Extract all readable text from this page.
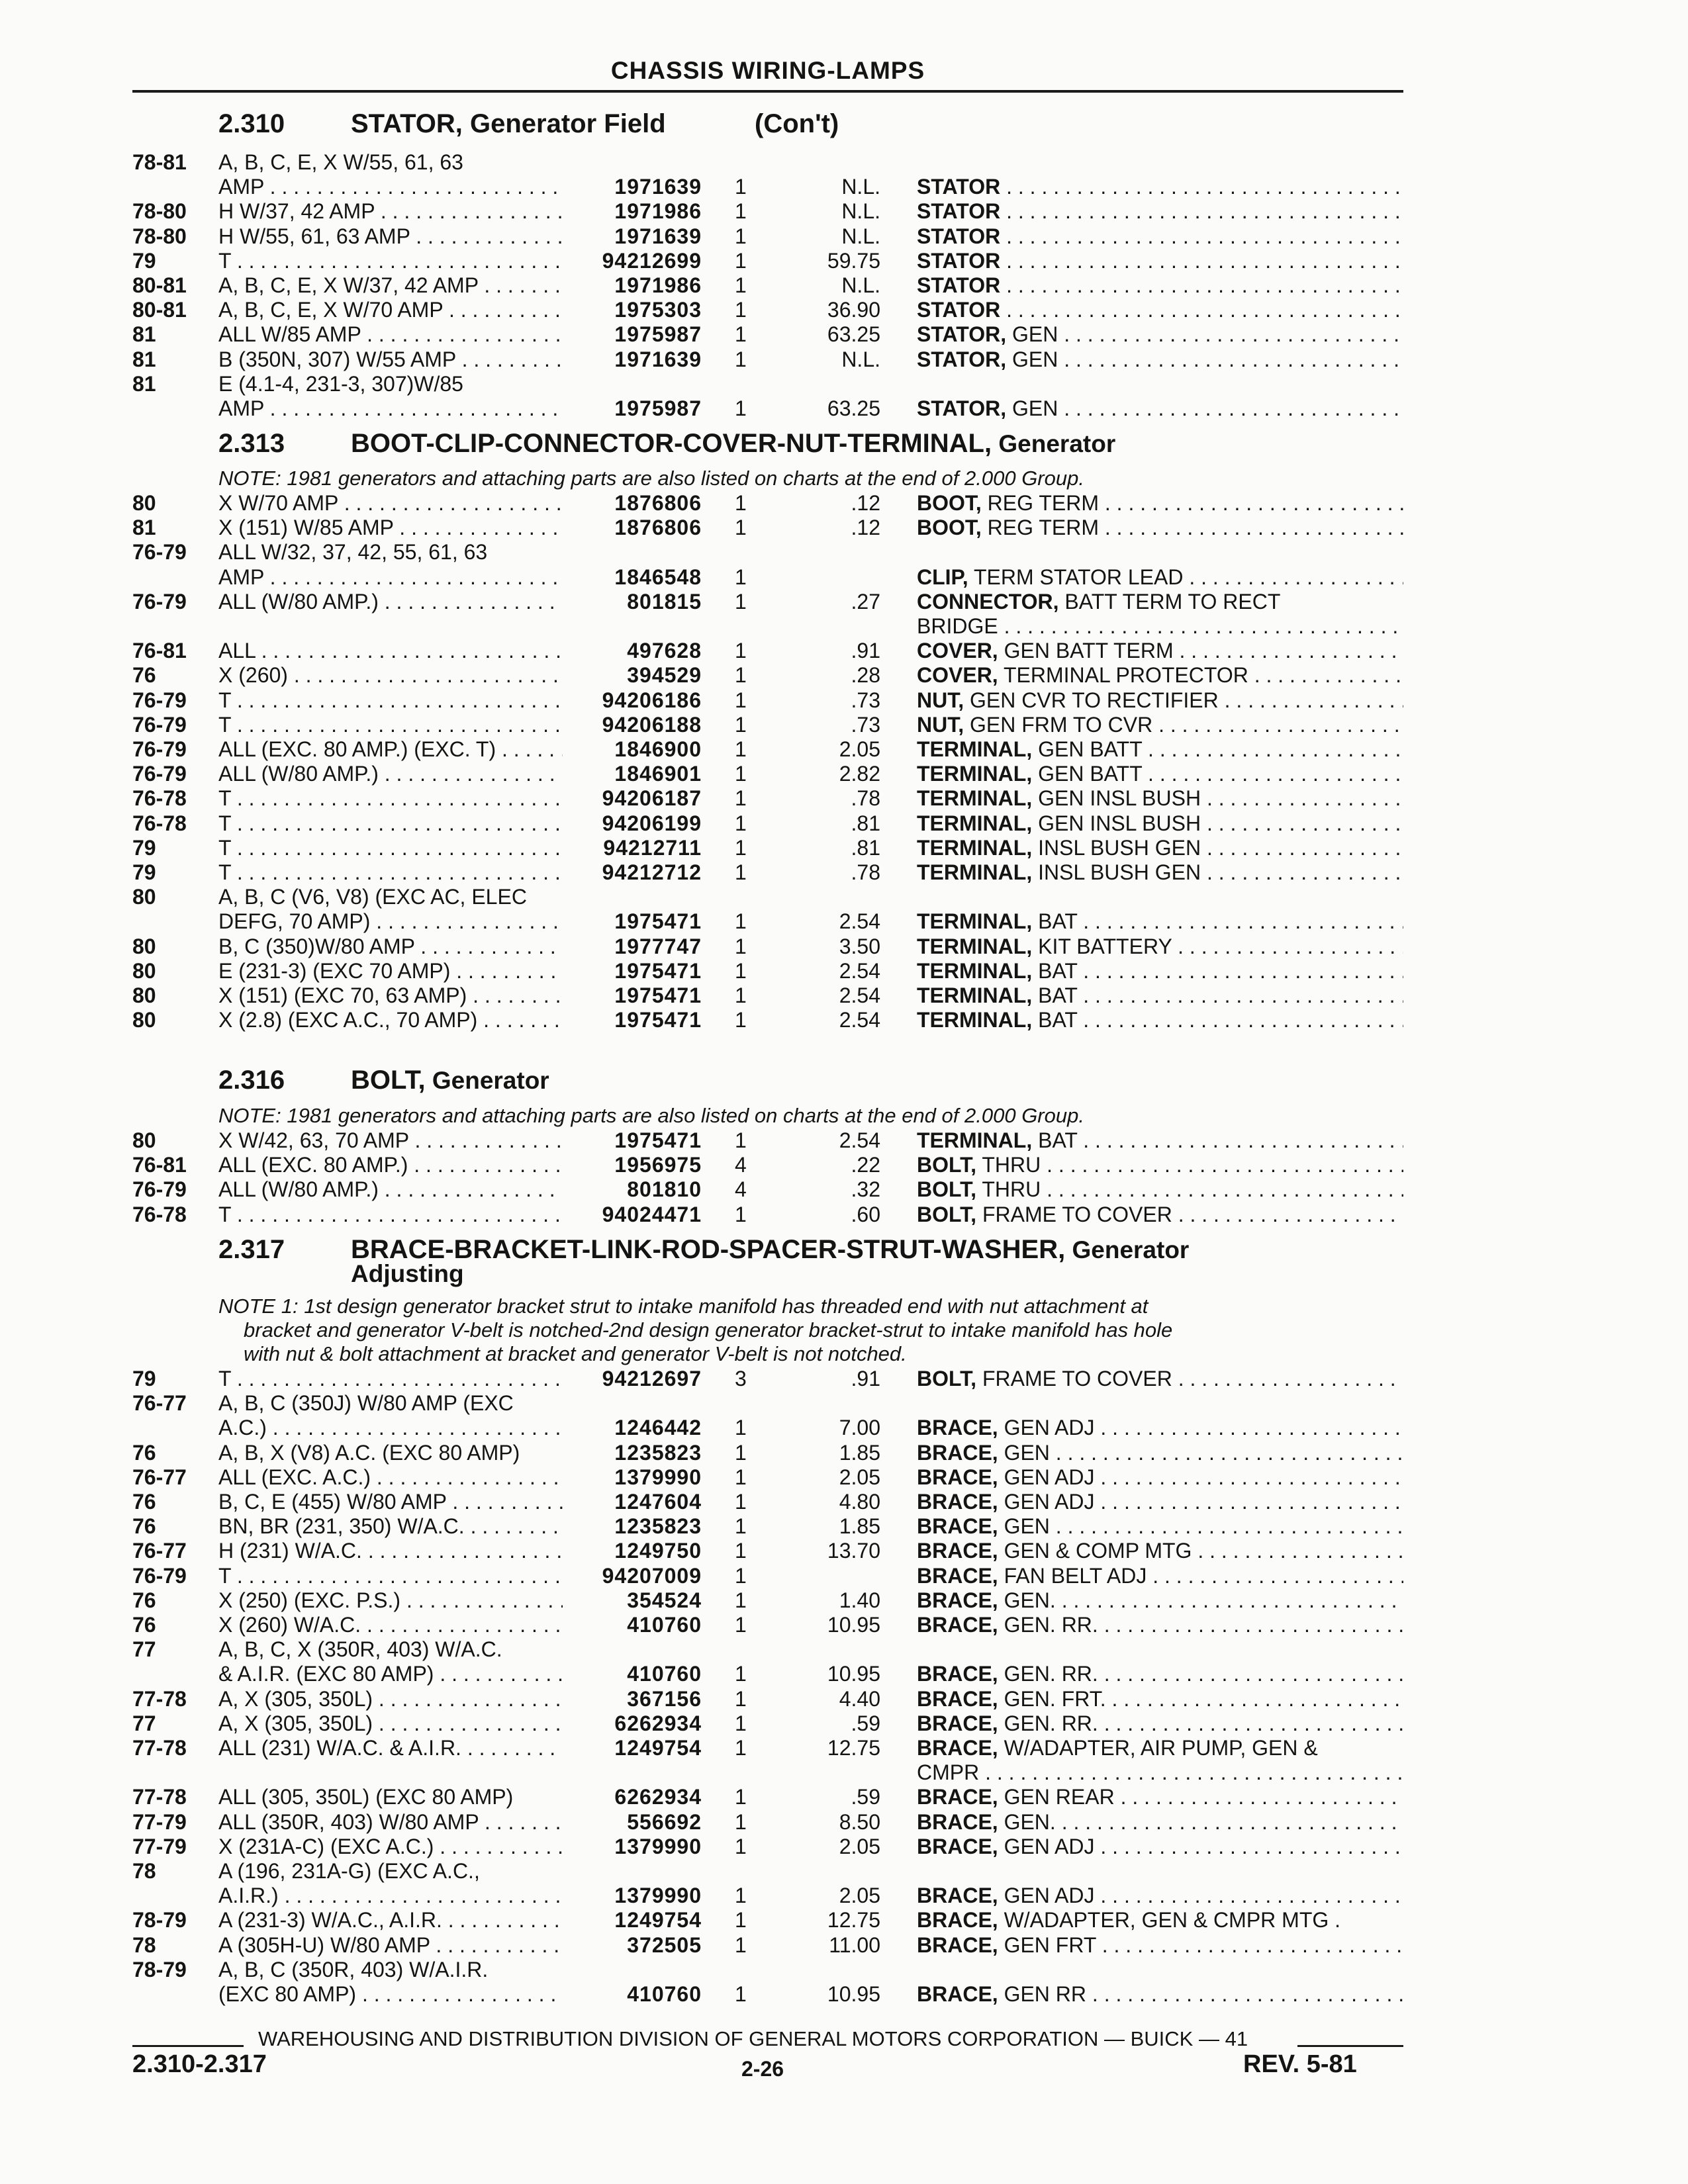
CHASSIS WIRING-LAMPS
2.310 STATOR, Generator Field	(Con't)
78-81 A, B, C, E, X W/55, 61, 63
AMP . . .	1971639 1	N.L. STATOR . . .
78-80 H W/37, 42 AMP . . .	1971986 1	N.L. STATOR . . .
78-80 H W/55, 61, 63 AMP . . .	1971639 1	N.L. STATOR . . .
79	T . . .	94212699 1	59.75 STATOR . . .
80-81 A, B, C, E, X W/37, 42 AMP . . .	1971986 1	N.L. STATOR . . .
80-81 A, B, C, E, X W/70 AMP . . .	1975303 1	36.90 STATOR . . .
81	ALL W/85 AMP . . .	1975987 1	63.25 STATOR, GEN . . .
81	B (350N, 307) W/55 AMP . . .	1971639 1	N.L. STATOR, GEN . . .
81	E (4.1-4, 231-3, 307)W/85
AMP . . .	1975987 1	63.25 STATOR, GEN . . .
2.313 BOOT-CLIP-CONNECTOR-COVER-NUT-TERMINAL, Generator
NOTE: 1981 generators and attaching parts are also listed on charts at the end of 2.000 Group.
80	X W/70 AMP . . .	1876806 1	.12 BOOT, REG TERM . . .
81	X (151) W/85 AMP . . .	1876806 1	.12 BOOT, REG TERM . . .
76-79 ALL W/32, 37, 42, 55, 61, 63
AMP . . .	1846548 1	CLIP, TERM STATOR LEAD . . .
76-79 ALL (W/80 AMP.) . . .	801815 1	.27 CONNECTOR, BATT TERM TO RECT
BRIDGE . . .
76-81 ALL . . .	497628 1	.91 COVER, GEN BATT TERM . . .
76	X (260) . . .	394529 1	.28 COVER, TERMINAL PROTECTOR . . .
76-79 T . . .	94206186 1	.73 NUT, GEN CVR TO RECTIFIER . . .
76-79 T . . .	94206188 1	.73 NUT, GEN FRM TO CVR . . .
76-79 ALL (EXC. 80 AMP.) (EXC. T) . . .	1846900 1	2.05 TERMINAL, GEN BATT . . .
76-79 ALL (W/80 AMP.) . . .	1846901 1	2.82 TERMINAL, GEN BATT . . .
76-78 T . . .	94206187 1	.78 TERMINAL, GEN INSL BUSH . . .
76-78 T . . .	94206199 1	.81 TERMINAL, GEN INSL BUSH . . .
79	T . . .	94212711 1	.81 TERMINAL, INSL BUSH GEN . . .
79	T . . .	94212712 1	.78 TERMINAL, INSL BUSH GEN . . .
80	A, B, C (V6, V8) (EXC AC, ELEC
DEFG, 70 AMP) . . .	1975471 1	2.54 TERMINAL, BAT . . .
80	B, C (350)W/80 AMP . . .	1977747 1	3.50 TERMINAL, KIT BATTERY . . .
80	E (231-3) (EXC 70 AMP) . . .	1975471 1	2.54 TERMINAL, BAT . . .
80	X (151) (EXC 70, 63 AMP) . . .	1975471 1	2.54 TERMINAL, BAT . . .
80	X (2.8) (EXC A.C., 70 AMP) . . .	1975471 1	2.54 TERMINAL, BAT . . .
2.316 BOLT, Generator
NOTE: 1981 generators and attaching parts are also listed on charts at the end of 2.000 Group.
80	X W/42, 63, 70 AMP . . .	1975471 1	2.54 TERMINAL, BAT . . .
76-81 ALL (EXC. 80 AMP.) . . .	1956975 4	.22 BOLT, THRU . . .
76-79 ALL (W/80 AMP.) . . .	801810 4	.32 BOLT, THRU . . .
76-78 T . . .	94024471 1	.60 BOLT, FRAME TO COVER . . .
2.317 BRACE-BRACKET-LINK-ROD-SPACER-STRUT-WASHER, Generator
Adjusting
NOTE 1: 1st design generator bracket strut to intake manifold has threaded end with nut attachment at
bracket and generator V-belt is notched-2nd design generator bracket-strut to intake manifold has hole
with nut & bolt attachment at bracket and generator V-belt is not notched.
79	T . . .	94212697 3	.91 BOLT, FRAME TO COVER . . .
76-77 A, B, C (350J) W/80 AMP (EXC
A.C.) . . .	1246442 1	7.00 BRACE, GEN ADJ . . .
76	A, B, X (V8) A.C. (EXC 80 AMP)	1235823 1	1.85 BRACE, GEN . . .
76-77 ALL (EXC. A.C.) . . .	1379990 1	2.05 BRACE, GEN ADJ . . .
76	B, C, E (455) W/80 AMP . . .	1247604 1	4.80 BRACE, GEN ADJ . . .
76	BN, BR (231, 350) W/A.C. . . .	1235823 1	1.85 BRACE, GEN . . .
76-77 H (231) W/A.C. . . .	1249750 1	13.70 BRACE, GEN & COMP MTG . . .
76-79 T . . .	94207009 1	BRACE, FAN BELT ADJ . . .
76	X (250) (EXC. P.S.) . . .	354524 1	1.40 BRACE, GEN. . . .
76	X (260) W/A.C. . . .	410760 1	10.95 BRACE, GEN. RR. . . .
77	A, B, C, X (350R, 403) W/A.C.
& A.I.R. (EXC 80 AMP) . . .	410760 1	10.95 BRACE, GEN. RR. . . .
77-78 A, X (305, 350L) . . .	367156 1	4.40 BRACE, GEN. FRT. . . .
77	A, X (305, 350L) . . .	6262934 1	.59 BRACE, GEN. RR. . . .
77-78 ALL (231) W/A.C. & A.I.R. . . .	1249754 1	12.75 BRACE, W/ADAPTER, AIR PUMP, GEN &
CMPR . . .
77-78 ALL (305, 350L) (EXC 80 AMP)	6262934 1	.59 BRACE, GEN REAR . . .
77-79 ALL (350R, 403) W/80 AMP . . .	556692 1	8.50 BRACE, GEN. . . .
77-79 X (231A-C) (EXC A.C.) . . .	1379990 1	2.05 BRACE, GEN ADJ . . .
78	A (196, 231A-G) (EXC A.C.,
A.I.R.) . . .	1379990 1	2.05 BRACE, GEN ADJ . . .
78-79 A (231-3) W/A.C., A.I.R. . . .	1249754 1	12.75 BRACE, W/ADAPTER, GEN & CMPR MTG .
78	A (305H-U) W/80 AMP . . .	372505 1	11.00 BRACE, GEN FRT . . .
78-79 A, B, C (350R, 403) W/A.I.R.
(EXC 80 AMP) . . .	410760 1	10.95 BRACE, GEN RR . . .
WAREHOUSING AND DISTRIBUTION DIVISION OF GENERAL MOTORS CORPORATION — BUICK — 41
2.310-2.317	2-26	REV. 5-81
